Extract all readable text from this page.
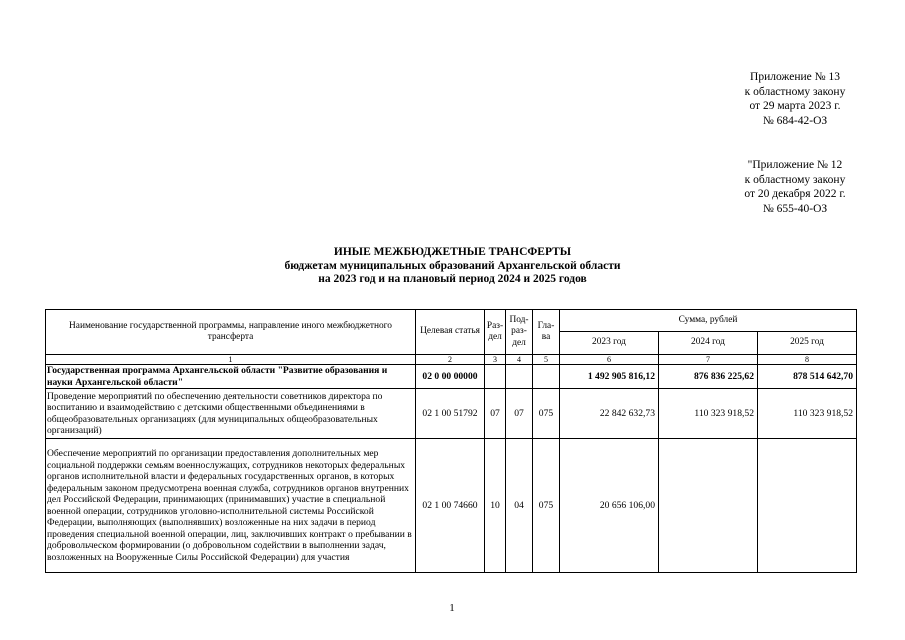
Приложение № 13
к областному закону
от 29 марта 2023 г.
№ 684-42-ОЗ
"Приложение № 12
к областному закону
от 20 декабря 2022 г.
№ 655-40-ОЗ
ИНЫЕ МЕЖБЮДЖЕТНЫЕ ТРАНСФЕРТЫ
бюджетам муниципальных образований Архангельской области
на 2023 год и на плановый период 2024 и 2025 годов
Наименование государственной программы, направление иного межбюджетного трансферта	Целевая статья	Раз-дел	Под-раз-дел	Гла-ва	Сумма, рублей		
					2023 год	2024 год	2025 год
1	2	3	4	5	6	7	8
Государственная программа Архангельской области "Развитие образования и науки Архангельской области"	02 0 00 00000				1 492 905 816,12	876 836 225,62	878 514 642,70
Проведение мероприятий по обеспечению деятельности советников директора по воспитанию и взаимодействию с детскими общественными объединениями в общеобразовательных организациях (для муниципальных общеобразовательных организаций)	02 1 00 51792	07	07	075	22 842 632,73	110 323 918,52	110 323 918,52
Обеспечение мероприятий по организации предоставления дополнительных мер социальной поддержки семьям военнослужащих, сотрудников некоторых федеральных органов исполнительной власти и федеральных государственных органов, в которых федеральным законом предусмотрена военная служба, сотрудников органов внутренних дел Российской Федерации, принимающих (принимавших) участие в специальной военной операции, сотрудников уголовно-исполнительной системы Российской Федерации, выполняющих (выполнявших) возложенные на них задачи в период проведения специальной военной операции, лиц, заключивших контракт о пребывании в добровольческом формировании (о добровольном содействии в выполнении задач, возложенных на Вооруженные Силы Российской Федерации) для участия	02 1 00 74660	10	04	075	20 656 106,00		
1
